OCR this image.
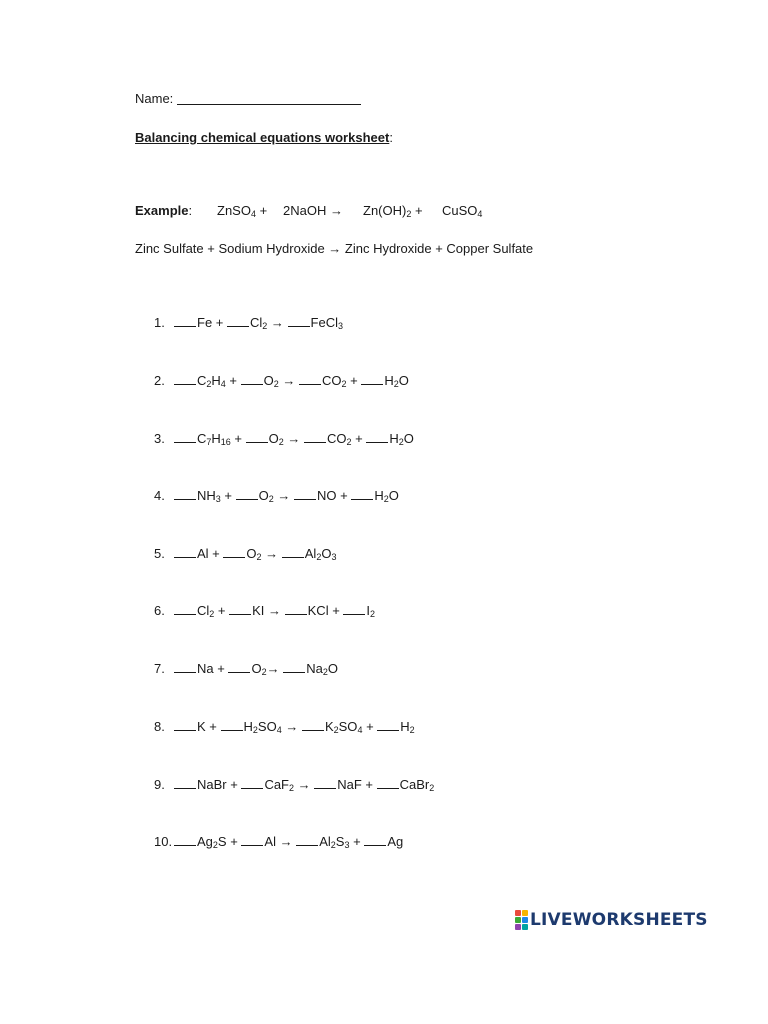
Name:
Balancing chemical equations worksheet:
Example: ZnSO$_4$ + 2NaOH → $Zn(OH)_2$ + CuSO$_4$
Zinc Sulfate + Sodium Hydroxide → Zinc Hydroxide + Copper Sulfate
1. $Fe + Cl_2$ → FeCl$_3$
2. $C_2H_4 + O_2 \to CO_2 + H_2O$
3. $C_7H_{16} + O_2 \to CO_2 + H_2O$
4. $NH_3 + O_2$ → NO + $H_2O$
5. $Al + O_2 \to Al_2O_3$
6. $Cl_2$ + KI → KCl + $I_2$
7. $Na + O_2\to Na_2O$
8. $K + H_2SO_4 \to K_2SO_4 + H_2$
9. NaBr + CaF$_2$ → NaF + CaBr$_2$
10. $Ag_2S + Al \to Al_2S_3 + Ag$
LIVEWORKSHEETS
